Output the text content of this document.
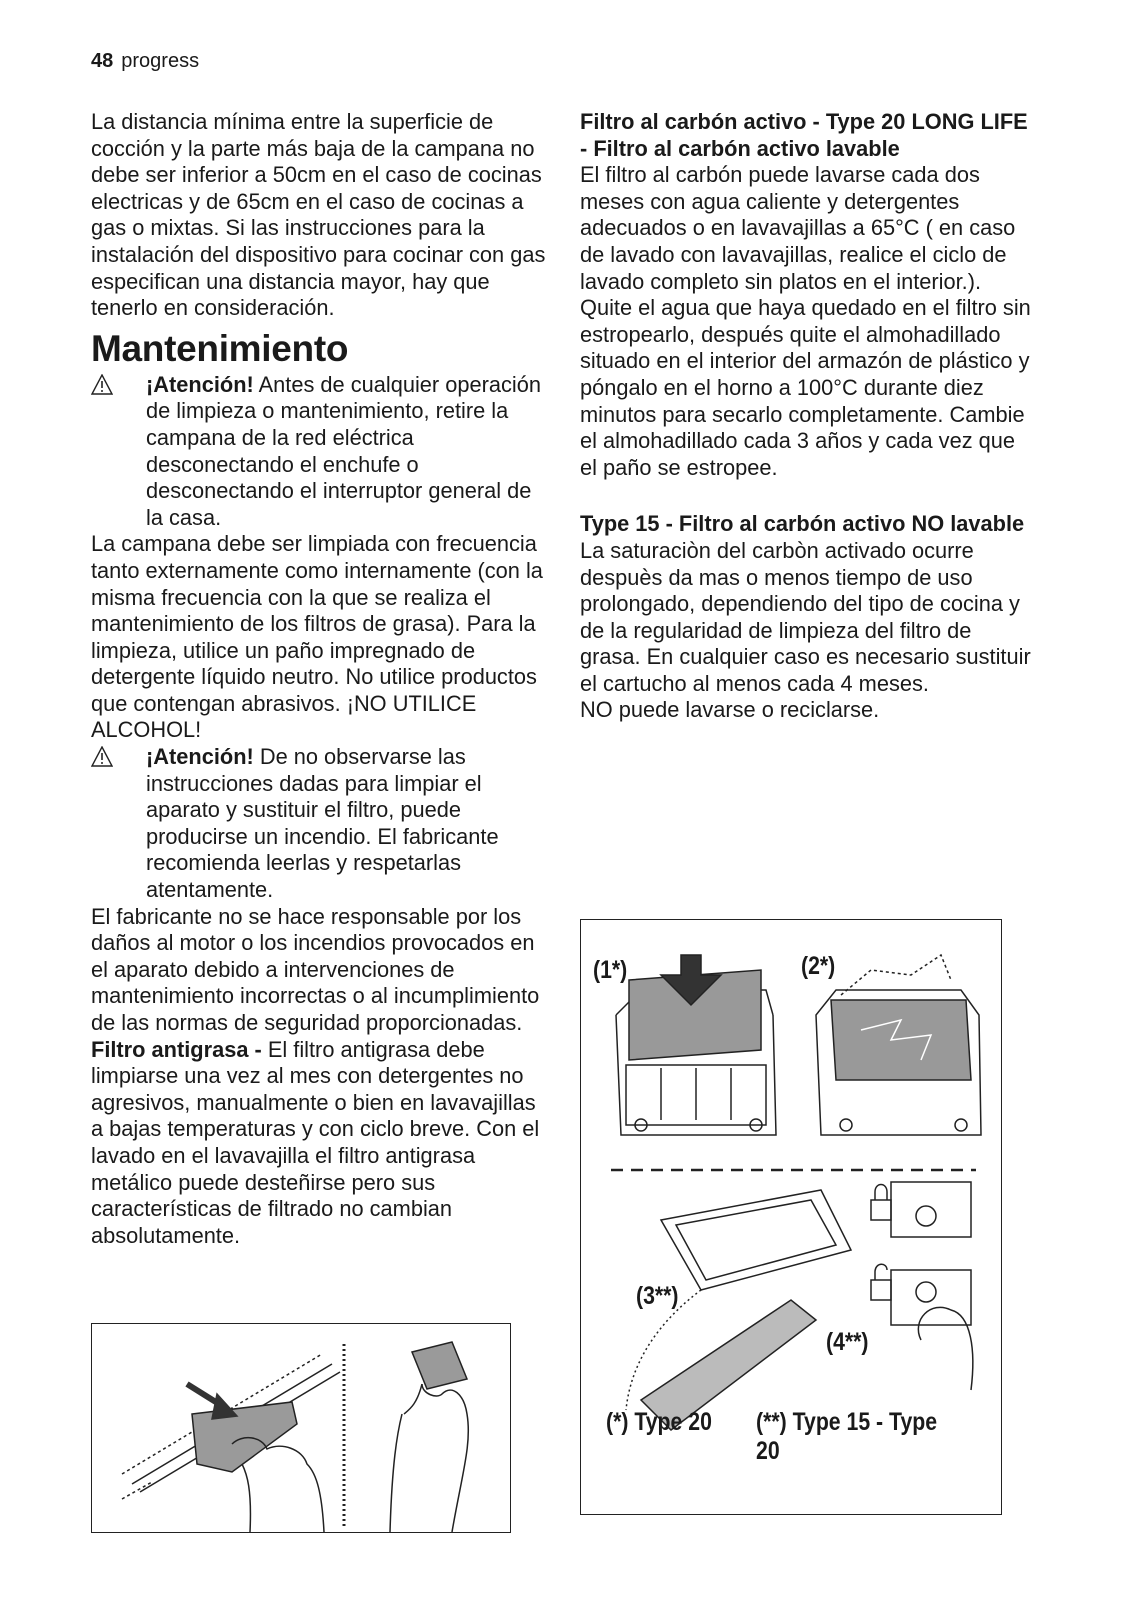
48 progress

La distancia mínima entre la superficie de cocción y la parte más baja de la campana no debe ser inferior a 50cm en el caso de cocinas electricas y de 65cm en el caso de cocinas a gas o mixtas. Si las instrucciones para la instalación del dispositivo para cocinar con gas especifican una distancia mayor, hay que tenerlo en consideración.

Mantenimiento

¡Atención! Antes de cualquier operación de limpieza o mantenimiento, retire la campana de la red eléctrica desconectando el enchufe o desconectando el interruptor general de la casa.

La campana debe ser limpiada con frecuencia tanto externamente como internamente (con la misma frecuencia con la que se realiza el mantenimiento de los filtros de grasa). Para la limpieza, utilice un paño impregnado de detergente líquido neutro. No utilice productos que contengan abrasivos. ¡NO UTILICE ALCOHOL!

¡Atención! De no observarse las instrucciones dadas para limpiar el aparato y sustituir el filtro, puede producirse un incendio. El fabricante recomienda leerlas y respetarlas atentamente.

El fabricante no se hace responsable por los daños al motor o los incendios provocados en el aparato debido a intervenciones de mantenimiento incorrectas o al incumplimiento de las normas de seguridad proporcionadas.

Filtro antigrasa - El filtro antigrasa debe limpiarse una vez al mes con detergentes no agresivos, manualmente o bien en lavavajillas a bajas temperaturas y con ciclo breve. Con el lavado en el lavavajilla el filtro antigrasa metálico puede desteñirse pero sus características de filtrado no cambian absolutamente.

Filtro al carbón activo - Type 20 LONG LIFE - Filtro al carbón activo lavable

El filtro al carbón puede lavarse cada dos meses con agua caliente y detergentes adecuados o en lavavajillas a 65°C ( en caso de lavado con lavavajillas, realice el ciclo de lavado completo sin platos en el interior.). Quite el agua que haya quedado en el filtro sin estropearlo, después quite el almohadillado situado en el interior del armazón de plástico y póngalo en el horno a 100°C durante diez minutos para secarlo completamente. Cambie el almohadillado cada 3 años y cada vez que el paño se estropee.

Type 15 - Filtro al carbón activo NO lavable

La saturaciòn del carbòn activado ocurre despuès da mas o menos tiempo de uso prolongado, dependiendo del tipo de cocina y de la regularidad de limpieza del filtro de grasa. En cualquier caso es necesario sustituir el cartucho al menos cada 4 meses.

NO puede lavarse o reciclarse.

(1*)	(2*)
(3**)
(4**)
(*) Type 20 (**) Type 15 - Type 20
